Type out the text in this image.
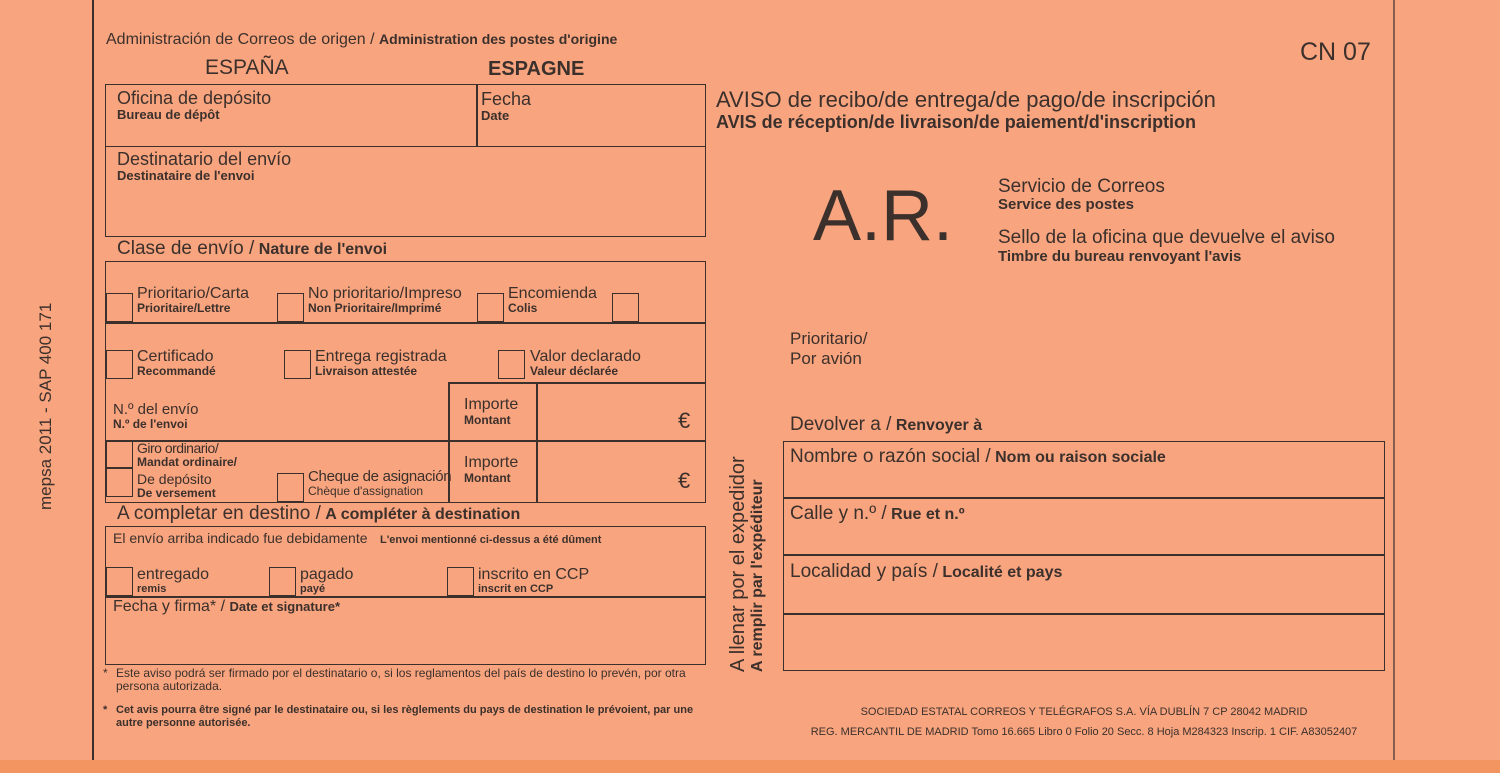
mepsa 2011 - SAP 400 171
Administración de Correos de origen / Administration des postes d'origine
ESPAÑA	ESPAGNE
CN 07
Oficina de depósito
Bureau de dépôt
Fecha
Date
Destinatario del envío
Destinataire de l'envoi
Clase de envío / Nature de l'envoi
Prioritario/Carta
Prioritaire/Lettre
No prioritario/Impreso
Non Prioritaire/Imprimé
Encomienda
Colis
Certificado
Recommandé
Entrega registrada
Livraison attestée
Valor declarado
Valeur déclarée
N.º del envío
N.º de l'envoi
Importe
Montant	€
Giro ordinario/
Mandat ordinaire/
De depósito
De versement
Cheque de asignación
Chèque d'assignation
Importe
Montant	€
A completar en destino / A compléter à destination
El envío arriba indicado fue debidamente L'envoi mentionné ci-dessus a été dûment
entregado
remis
pagado
payé
inscrito en CCP
inscrit en CCP
Fecha y firma* / Date et signature*
* Este aviso podrá ser firmado por el destinatario o, si los reglamentos del país de destino lo prevén, por otra persona autorizada.
* Cet avis pourra être signé par le destinataire ou, si les règlements du pays de destination le prévoient, par une autre personne autorisée.
AVISO de recibo/de entrega/de pago/de inscripción
AVIS de réception/de livraison/de paiement/d'inscription
A.R. Servicio de Correos
Service des postes
Sello de la oficina que devuelve el aviso
Timbre du bureau renvoyant l'avis
Prioritario/
Por avión
A llenar por el expedidor A remplir par l'expéditeur
Devolver a / Renvoyer à
Nombre o razón social / Nom ou raison sociale
Calle y n.º / Rue et n.º
Localidad y país / Localité et pays
SOCIEDAD ESTATAL CORREOS Y TELÉGRAFOS S.A. VÍA DUBLÍN 7 CP 28042 MADRID
REG. MERCANTIL DE MADRID Tomo 16.665 Libro 0 Folio 20 Secc. 8 Hoja M284323 Inscrip. 1 CIF. A83052407
